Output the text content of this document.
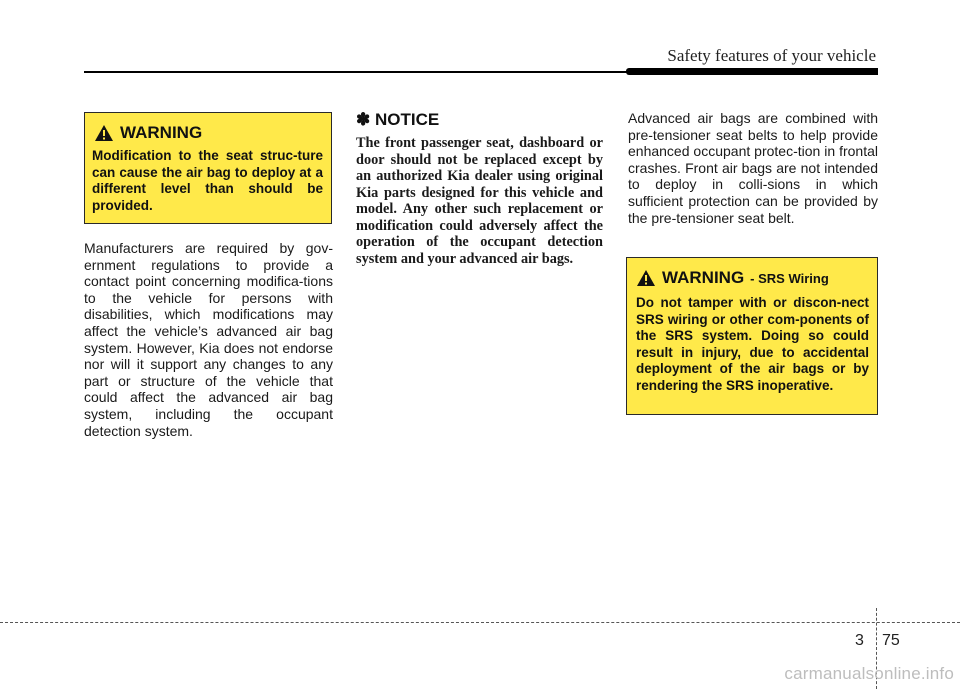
Safety features of your vehicle
WARNING
Modification to the seat struc-ture can cause the air bag to deploy at a different level than should be provided.
Manufacturers are required by gov-ernment regulations to provide a contact point concerning modifica-tions to the vehicle for persons with disabilities, which modifications may affect the vehicle’s advanced air bag system. However, Kia does not endorse nor will it support any changes to any part or structure of the vehicle that could affect the advanced air bag system, including the occupant detection system.
✽ NOTICE
The front passenger seat, dashboard or door should not be replaced except by an authorized Kia dealer using original Kia parts designed for this vehicle and model. Any other such replacement or modification could adversely affect the operation of the occupant detection system and your advanced air bags.
Advanced air bags are combined with pre-tensioner seat belts to help provide enhanced occupant protec-tion in frontal crashes. Front air bags are not intended to deploy in colli-sions in which sufficient protection can be provided by the pre-tensioner seat belt.
WARNING - SRS Wiring
Do not tamper with or discon-nect SRS wiring or other com-ponents of the SRS system. Doing so could result in injury, due to accidental deployment of the air bags or by rendering the SRS inoperative.
3 75
carmanualsonline.info
